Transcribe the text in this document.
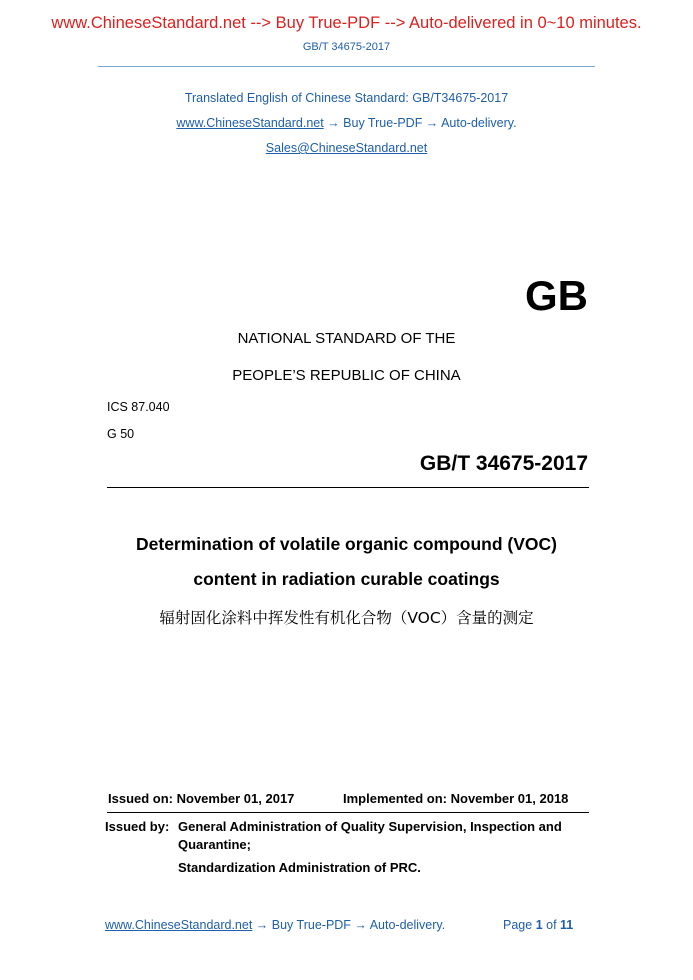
www.ChineseStandard.net --> Buy True-PDF --> Auto-delivered in 0~10 minutes.
GB/T 34675-2017
Translated English of Chinese Standard: GB/T34675-2017
www.ChineseStandard.net → Buy True-PDF → Auto-delivery.
Sales@ChineseStandard.net
GB
NATIONAL STANDARD OF THE
PEOPLE’S REPUBLIC OF CHINA
ICS 87.040
G 50
GB/T 34675-2017
Determination of volatile organic compound (VOC)
content in radiation curable coatings
辐射固化涂料中挥发性有机化合物（VOC）含量的测定
Issued on: November 01, 2017	Implemented on: November 01, 2018
Issued by: General Administration of Quality Supervision, Inspection and
Quarantine;
Standardization Administration of PRC.
www.ChineseStandard.net → Buy True-PDF → Auto-delivery.	Page 1 of 11
